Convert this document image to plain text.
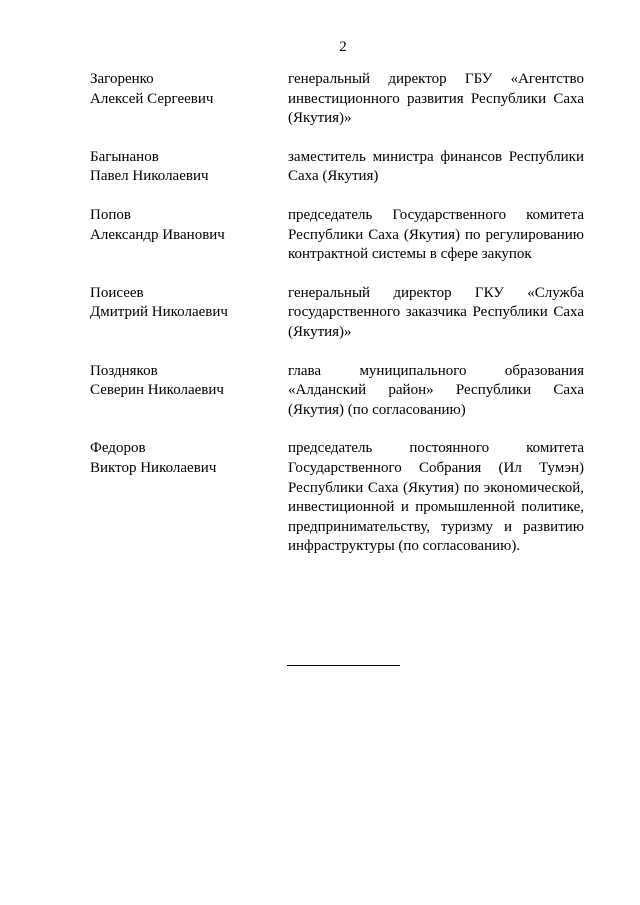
2
Загоренко
Алексей Сергеевич
генеральный директор ГБУ «Агентство инвестиционного развития Республики Саха (Якутия)»
Багынанов
Павел Николаевич
заместитель министра финансов Республики Саха (Якутия)
Попов
Александр Иванович
председатель Государственного комитета Республики Саха (Якутия) по регулированию контрактной системы в сфере закупок
Поисеев
Дмитрий Николаевич
генеральный директор ГКУ «Служба государственного заказчика Республики Саха (Якутия)»
Поздняков
Северин Николаевич
глава муниципального образования «Алданский район» Республики Саха (Якутия) (по согласованию)
Федоров
Виктор Николаевич
председатель постоянного комитета Государственного Собрания (Ил Тумэн) Республики Саха (Якутия) по экономической, инвестиционной и промышленной политике, предпринимательству, туризму и развитию инфраструктуры (по согласованию).
